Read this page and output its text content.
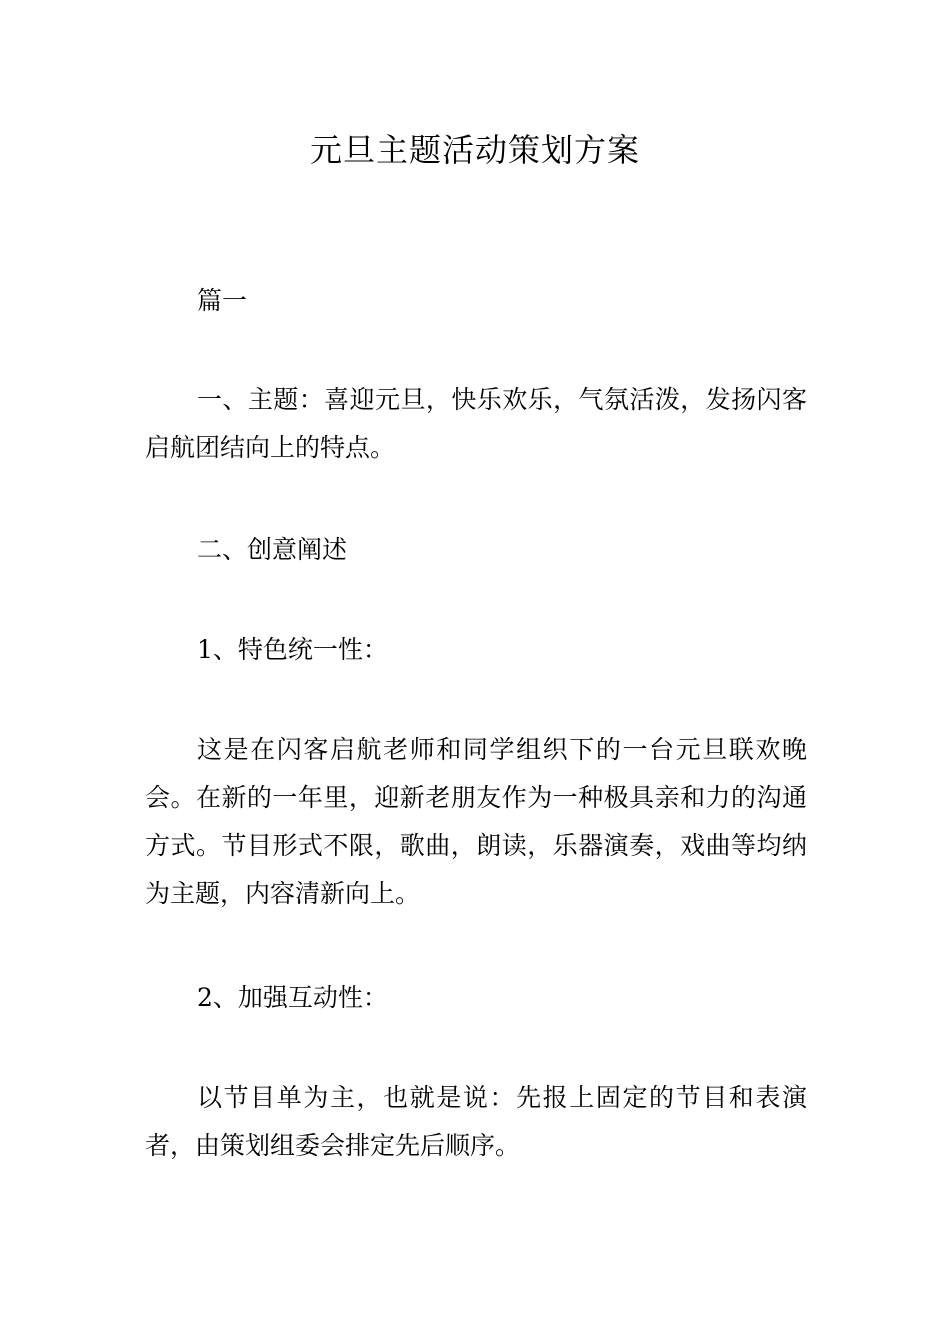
元旦主题活动策划方案

篇一

一、主题：喜迎元旦，快乐欢乐，气氛活泼，发扬闪客启航团结向上的特点。

二、创意阐述

1、特色统一性：

这是在闪客启航老师和同学组织下的一台元旦联欢晚会。在新的一年里，迎新老朋友作为一种极具亲和力的沟通方式。节目形式不限，歌曲，朗读，乐器演奏，戏曲等均纳为主题，内容清新向上。

2、加强互动性：

以节目单为主，也就是说：先报上固定的节目和表演者，由策划组委会排定先后顺序。
